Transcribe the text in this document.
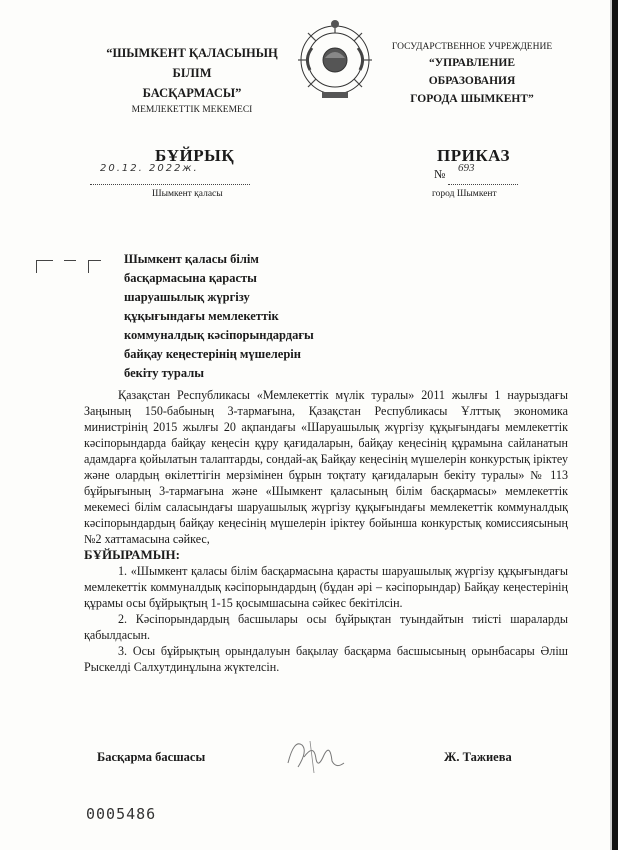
“ШЫМКЕНТ ҚАЛАСЫНЫҢ
БІЛІМ
БАСҚАРМАСЫ”
МЕМЛЕКЕТТІК МЕКЕМЕСІ
ГОСУДАРСТВЕННОЕ УЧРЕЖДЕНИЕ
“УПРАВЛЕНИЕ
ОБРАЗОВАНИЯ
ГОРОДА ШЫМКЕНТ”
БҰЙРЫҚ	ПРИКАЗ
20.12. 2022ж.	№ 693
Шымкент қаласы	город Шымкент
Шымкент қаласы білім
басқармасына қарасты
шаруашылық жүргізу
құқығындағы мемлекеттік
коммуналдық кәсіпорындардағы
байқау кеңестерінің мүшелерін
бекіту туралы

Қазақстан Республикасы «Мемлекеттік мүлік туралы» 2011 жылғы 1 наурыздағы Заңының 150-бабының 3-тармағына, Қазақстан Республикасы Ұлттық экономика министрінің 2015 жылғы 20 ақпандағы «Шаруашылық жүргізу құқығындағы мемлекеттік кәсіпорындарда байқау кеңесін құру қағидаларын, байқау кеңесінің құрамына сайланатын адамдарға қойылатын талаптарды, сондай-ақ Байқау кеңесінің мүшелерін конкурстық іріктеу және олардың өкілеттігін мерзімінен бұрын тоқтату қағидаларын бекіту туралы» № 113 бұйрығының 3-тармағына және «Шымкент қаласының білім басқармасы» мемлекеттік мекемесі білім саласындағы шаруашылық жүргізу құқығындағы мемлекеттік коммуналдық кәсіпорындардың байқау кеңесінің мүшелерін іріктеу бойынша конкурстық комиссиясының №2 хаттамасына сәйкес,

БҰЙЫРАМЫН:

1. «Шымкент қаласы білім басқармасына қарасты шаруашылық жүргізу құқығындағы мемлекеттік коммуналдық кәсіпорындардың (бұдан әрі – кәсіпорындар) Байқау кеңестерінің құрамы осы бұйрықтың 1-15 қосымшасына сәйкес бекітілсін.

2. Кәсіпорындардың басшылары осы бұйрықтан туындайтын тиісті шараларды қабылдасын.

3. Осы бұйрықтың орындалуын бақылау басқарма басшысының орынбасары Әліш Рыскелді Салхутдинұлына жүктелсін.

Басқарма басшасы	Ж. Тажиева
0005486
